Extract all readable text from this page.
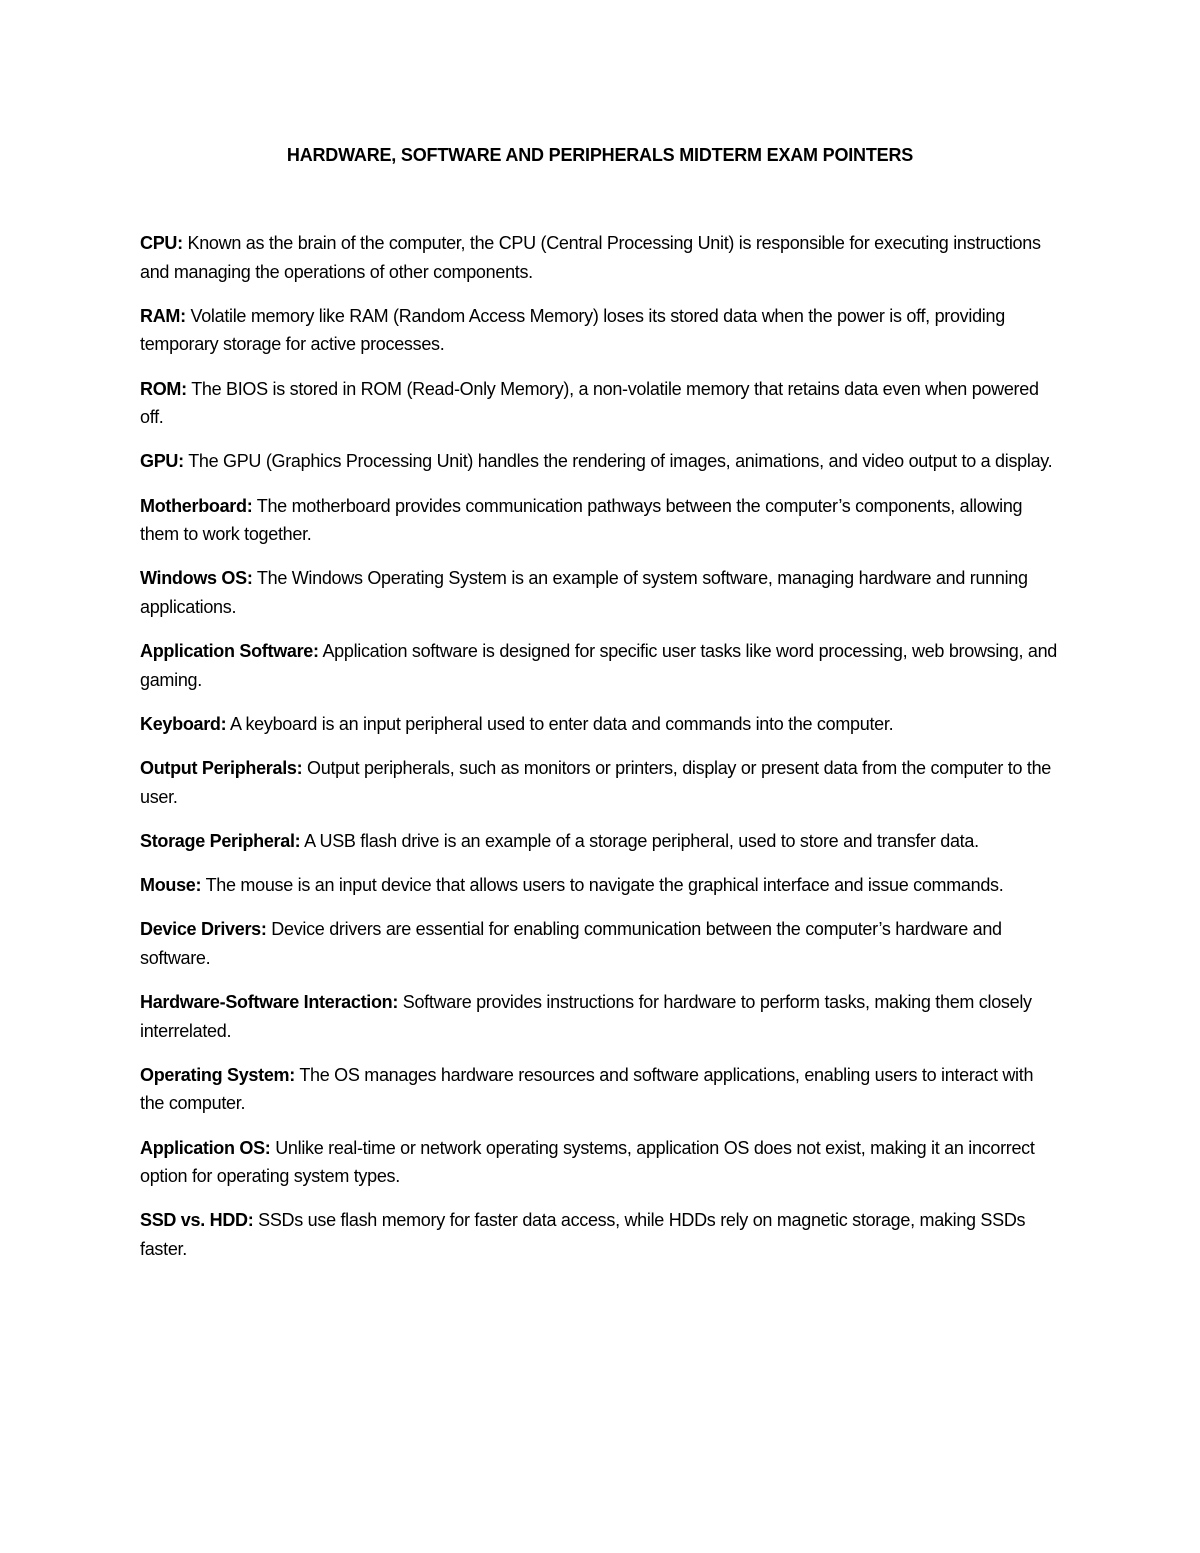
HARDWARE, SOFTWARE AND PERIPHERALS MIDTERM EXAM POINTERS

CPU: Known as the brain of the computer, the CPU (Central Processing Unit) is responsible for executing instructions and managing the operations of other components.

RAM: Volatile memory like RAM (Random Access Memory) loses its stored data when the power is off, providing temporary storage for active processes.

ROM: The BIOS is stored in ROM (Read-Only Memory), a non-volatile memory that retains data even when powered off.

GPU: The GPU (Graphics Processing Unit) handles the rendering of images, animations, and video output to a display.

Motherboard: The motherboard provides communication pathways between the computer’s components, allowing them to work together.

Windows OS: The Windows Operating System is an example of system software, managing hardware and running applications.

Application Software: Application software is designed for specific user tasks like word processing, web browsing, and gaming.

Keyboard: A keyboard is an input peripheral used to enter data and commands into the computer.

Output Peripherals: Output peripherals, such as monitors or printers, display or present data from the computer to the user.

Storage Peripheral: A USB flash drive is an example of a storage peripheral, used to store and transfer data.

Mouse: The mouse is an input device that allows users to navigate the graphical interface and issue commands.

Device Drivers: Device drivers are essential for enabling communication between the computer’s hardware and software.

Hardware-Software Interaction: Software provides instructions for hardware to perform tasks, making them closely interrelated.

Operating System: The OS manages hardware resources and software applications, enabling users to interact with the computer.

Application OS: Unlike real-time or network operating systems, application OS does not exist, making it an incorrect option for operating system types.

SSD vs. HDD: SSDs use flash memory for faster data access, while HDDs rely on magnetic storage, making SSDs faster.
